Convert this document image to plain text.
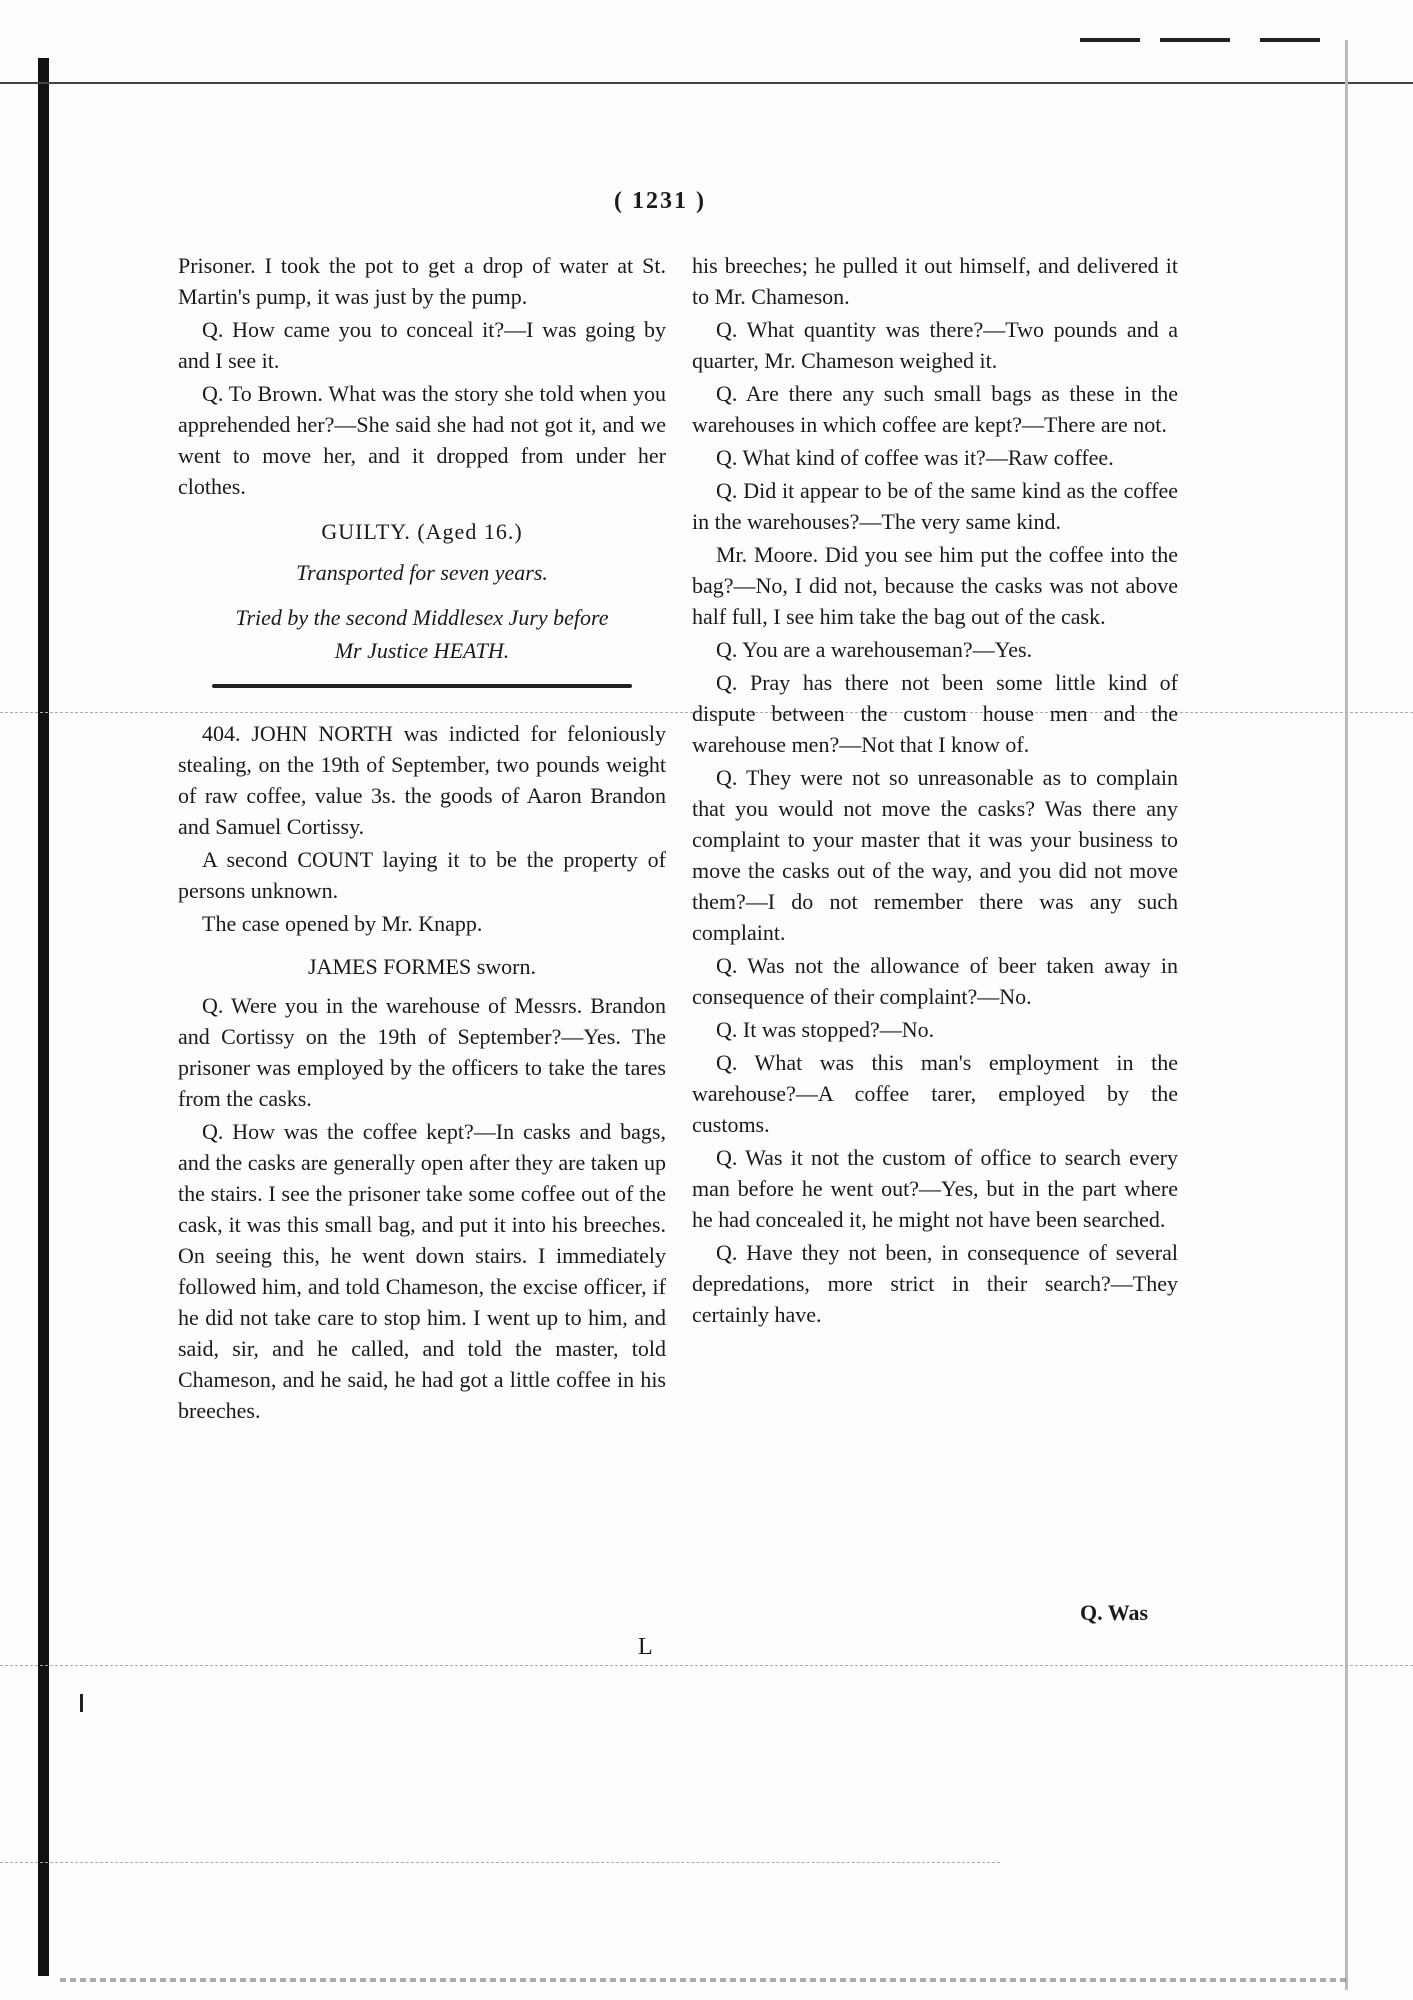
( 1231 )

Prisoner. I took the pot to get a drop of water at St. Martin's pump, it was just by the pump.

Q. How came you to conceal it?—I was going by and I see it.

Q. To Brown. What was the story she told when you apprehended her?—She said she had not got it, and we went to move her, and it dropped from under her clothes.

GUILTY. (Aged 16.)

Transported for seven years.

Tried by the second Middlesex Jury before

Mr Justice HEATH.

404. JOHN NORTH was indicted for feloniously stealing, on the 19th of September, two pounds weight of raw coffee, value 3s. the goods of Aaron Brandon and Samuel Cortissy.

A second COUNT laying it to be the property of persons unknown.

The case opened by Mr. Knapp.

JAMES FORMES sworn.

Q. Were you in the warehouse of Messrs. Brandon and Cortissy on the 19th of September?—Yes. The prisoner was employed by the officers to take the tares from the casks.

Q. How was the coffee kept?—In casks and bags, and the casks are generally open after they are taken up the stairs. I see the prisoner take some coffee out of the cask, it was this small bag, and put it into his breeches. On seeing this, he went down stairs. I immediately followed him, and told Chameson, the excise officer, if he did not take care to stop him. I went up to him, and said, sir, and he called, and told the master, told Chameson, and he said, he had got a little coffee in his breeches.

his breeches; he pulled it out himself, and delivered it to Mr. Chameson.

Q. What quantity was there?—Two pounds and a quarter, Mr. Chameson weighed it.

Q. Are there any such small bags as these in the warehouses in which coffee are kept?—There are not.

Q. What kind of coffee was it?—Raw coffee.

Q. Did it appear to be of the same kind as the coffee in the warehouses?—The very same kind.

Mr. Moore. Did you see him put the coffee into the bag?—No, I did not, because the casks was not above half full, I see him take the bag out of the cask.

Q. You are a warehouseman?—Yes.

Q. Pray has there not been some little kind of dispute between the custom house men and the warehouse men?—Not that I know of.

Q. They were not so unreasonable as to complain that you would not move the casks? Was there any complaint to your master that it was your business to move the casks out of the way, and you did not move them?—I do not remember there was any such complaint.

Q. Was not the allowance of beer taken away in consequence of their complaint?—No.

Q. It was stopped?—No.

Q. What was this man's employment in the warehouse?—A coffee tarer, employed by the customs.

Q. Was it not the custom of office to search every man before he went out?—Yes, but in the part where he had concealed it, he might not have been searched.

Q. Have they not been, in consequence of several depredations, more strict in their search?—They certainly have.

Q. Was
L
